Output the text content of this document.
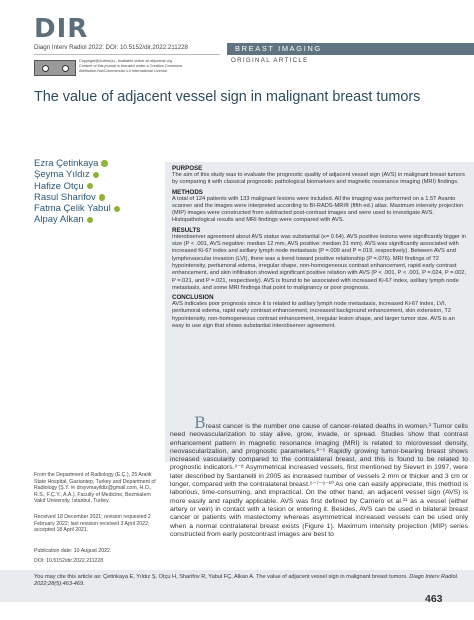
DIR
Diagn Interv Radiol 2022; DOI: 10.5152/dir.2022.211228	BREAST IMAGING
ORIGINAL ARTICLE
Copyright@Author(s) - Available online at dirjournal.org.
Content of this journal is licensed under a Creative Commons
Attribution-NonCommercial 4.0 International License.
The value of adjacent vessel sign in malignant breast tumors
Ezra Çetinkaya
Şeyma Yıldız
Hafize Otçu
Rasul Sharifov
Fatma Çelik Yabul
Alpay Alkan
PURPOSE
The aim of this study was to evaluate the prognostic quality of adjacent vessel sign (AVS) in malignant breast tumors by comparing it with classical prognostic pathological biomarkers and magnetic resonance imaging (MRI) findings.
METHODS
A total of 124 patients with 133 malignant lesions were included. All the imaging was performed on a 1.5T Avanto scanner and the images were interpreted according to BI-RADS-MRI® (fifth ed.) atlas. Maximum intensity projection (MIP) images were constructed from subtracted post-contrast images and were used to investigate AVS. Histopathological results and MRI findings were compared with AVS.
RESULTS
Interobserver agreement about AVS status was substantial (κ= 0.64). AVS positive lesions were significantly bigger in size (P < .001, AVS negative: median 12 mm, AVS positive: median 31 mm). AVS was significantly associated with increased Ki-67 index and axillary lymph node metastasis (P =.009 and P =.019, respectively). Between AVS and lymphovascular invasion (LVI), there was a trend toward positive relationship (P =.076). MRI findings of T2 hypointensity, peritumoral edema, irregular shape, non-homogeneous contrast enhancement, rapid early contrast enhancement, and skin infiltration showed significant positive relation with AVS (P < .001, P < .001, P =.024, P =.002, P =.021, and P =.021, respectively). AVS is found to be associated with increased Ki-67 index, axillary lymph node metastasis, and some MRI findings that point to malignancy or poor prognosis.
CONCLUSION
AVS indicates poor prognosis since it is related to axillary lymph node metastasis, increased Ki-67 index, LVI, peritumoral edema, rapid early contrast enhancement, increased background enhancement, skin extension, T2 hypointensity, non-homogeneous contrast enhancement, irregular lesion shape, and larger tumor size. AVS is an easy to use sign that shows substantial interobserver agreement.
Breast cancer is the number one cause of cancer-related deaths in women.¹ Tumor cells need neovascularization to stay alive, grow, invade, or spread. Studies show that contrast enhancement pattern in magnetic resonance imaging (MRI) is related to microvessel density, neovascularization, and prognostic parameters.²⁻⁵ Rapidly growing tumor-bearing breast shows increased vascularity compared to the contralateral breast, and this is found to be related to prognostic indicators.⁶⁻⁸ Asymmetrical increased vessels, first mentioned by Sievert in 1997, were later described by Sardanelli in 2005 as increased number of vessels 2 mm or thicker and 3 cm or longer, compared with the contralateral breast.⁶⁻⁷⁻⁹⁻¹⁰ As one can easily appreciate, this method is laborious, time-consuming, and impractical. On the other hand, an adjacent vessel sign (AVS) is more easily and rapidly applicable. AVS was first defined by Carriero et al.¹¹ as a vessel (either artery or vein) in contact with a lesion or entering it. Besides, AVS can be used in bilateral breast cancer or patients with mastectomy whereas asymmetrical increased vessels can be used only when a normal contralateral breast exists (Figure 1). Maximum intensity projection (MIP) series constructed from early postcontrast images are best to
From the Department of Radiology (E.Ç.), 25 Aralık State Hospital, Gaziantep, Turkey and Department of Radiology (Ş.Y. ✉ drsyvmayildiz@gmail.com, H.O., R.S., F.Ç.Y., A.A.), Faculty of Medicine, Bezmialem Vakıf University, İstanbul, Turkey.
Received 18 December 2021; revision requested 2 February 2022; last revision received 3 April 2022; accepted 18 April 2021.
Publication date: 10 August 2022.
DOI: 10.5152/dir.2022.211228
You may cite this article as: Çetinkaya E, Yıldız Ş, Otçu H, Sharifov R, Yabul FÇ, Alkan A. The value of adjacent vessel sign in malignant breast tumors. Diagn Interv Radiol. 2022;28(5):463-469.
463
